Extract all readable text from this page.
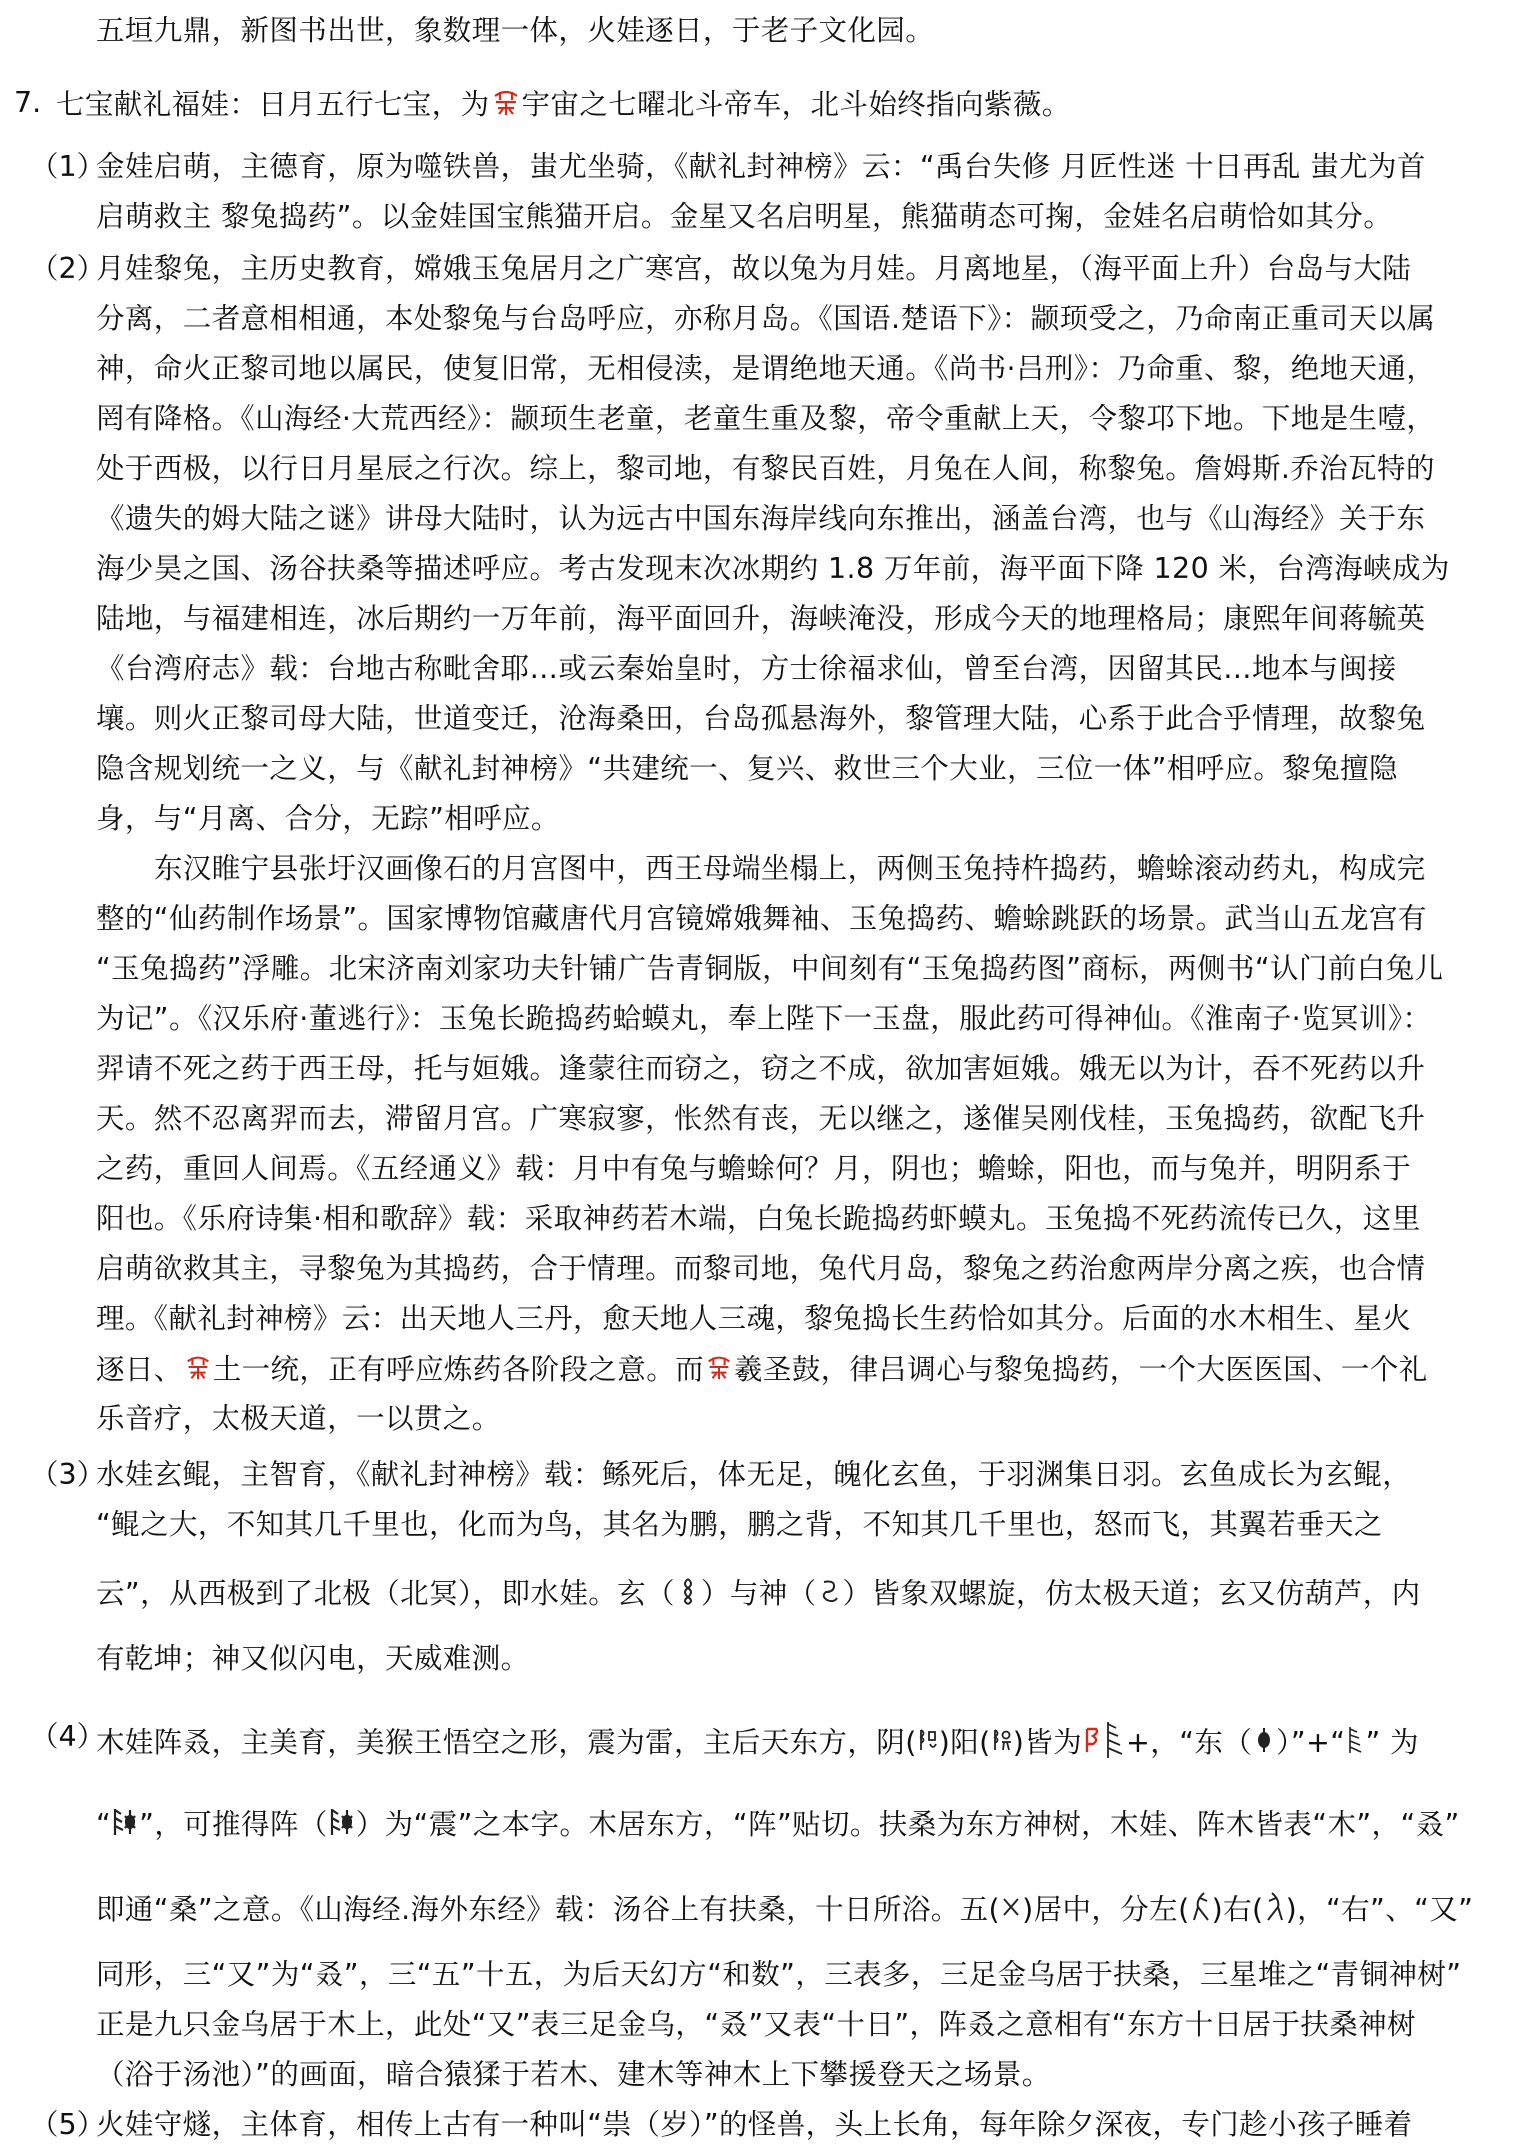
五垣九鼎，新图书出世，象数理一体，火娃逐日，于老子文化园。
7. 七宝献礼福娃：日月五行七宝，为 宇宙之七曜北斗帝车，北斗始终指向紫薇。
（1）
金娃启萌，主德育，原为噬铁兽，蚩尤坐骑，《献礼封神榜》云：“禹台失修 月匠性迷 十日再乱 蚩尤为首
启萌救主 黎兔捣药”。以金娃国宝熊猫开启。金星又名启明星，熊猫萌态可掬，金娃名启萌恰如其分。
（2）
月娃黎兔，主历史教育，嫦娥玉兔居月之广寒宫，故以兔为月娃。月离地星，（海平面上升）台岛与大陆
分离，二者意相相通，本处黎兔与台岛呼应，亦称月岛。《国语.楚语下》：颛顼受之，乃命南正重司天以属
神，命火正黎司地以属民，使复旧常，无相侵渎，是谓绝地天通。《尚书·吕刑》：乃命重、黎，绝地天通，
罔有降格。《山海经·大荒西经》：颛顼生老童，老童生重及黎，帝令重献上天，令黎邛下地。下地是生噎，
处于西极，以行日月星辰之行次。综上，黎司地，有黎民百姓，月兔在人间，称黎兔。詹姆斯.乔治瓦特的
《遗失的姆大陆之谜》讲母大陆时，认为远古中国东海岸线向东推出，涵盖台湾，也与《山海经》关于东
海少昊之国、汤谷扶桑等描述呼应。考古发现末次冰期约 1.8 万年前，海平面下降 120 米，台湾海峡成为
陆地，与福建相连，冰后期约一万年前，海平面回升，海峡淹没，形成今天的地理格局；康熙年间蒋毓英
《台湾府志》载：台地古称毗舍耶…或云秦始皇时，方士徐福求仙，曾至台湾，因留其民…地本与闽接
壤。则火正黎司母大陆，世道变迁，沧海桑田，台岛孤悬海外，黎管理大陆，心系于此合乎情理，故黎兔
隐含规划统一之义，与《献礼封神榜》“共建统一、复兴、救世三个大业，三位一体”相呼应。黎兔擅隐
身，与“月离、合分，无踪”相呼应。
东汉睢宁县张圩汉画像石的月宫图中，西王母端坐榻上，两侧玉兔持杵捣药，蟾蜍滚动药丸，构成完
整的“仙药制作场景”。国家博物馆藏唐代月宫镜嫦娥舞袖、玉兔捣药、蟾蜍跳跃的场景。武当山五龙宫有
“玉兔捣药”浮雕。北宋济南刘家功夫针铺广告青铜版，中间刻有“玉兔捣药图”商标，两侧书“认门前白兔儿
为记”。《汉乐府·董逃行》：玉兔长跪捣药蛤蟆丸，奉上陛下一玉盘，服此药可得神仙。《淮南子·览冥训》：
羿请不死之药于西王母，托与姮娥。逢蒙往而窃之，窃之不成，欲加害姮娥。娥无以为计，吞不死药以升
天。然不忍离羿而去，滞留月宫。广寒寂寥，怅然有丧，无以继之，遂催吴刚伐桂，玉兔捣药，欲配飞升
之药，重回人间焉。《五经通义》载：月中有兔与蟾蜍何？月，阴也；蟾蜍，阳也，而与兔并，明阴系于
阳也。《乐府诗集·相和歌辞》载：采取神药若木端，白兔长跪捣药虾蟆丸。玉兔捣不死药流传已久，这里
启萌欲救其主，寻黎兔为其捣药，合于情理。而黎司地，兔代月岛，黎兔之药治愈两岸分离之疾，也合情
理。《献礼封神榜》云：出天地人三丹，愈天地人三魂，黎兔捣长生药恰如其分。后面的水木相生、星火
逐日、 土一统，正有呼应炼药各阶段之意。而 羲圣鼓，律吕调心与黎兔捣药，一个大医医国、一个礼
乐音疗，太极天道，一以贯之。
（3）
水娃玄鲲，主智育，《献礼封神榜》载：鲧死后，体无足，魄化玄鱼，于羽渊集日羽。玄鱼成长为玄鲲，
“鲲之大，不知其几千里也，化而为鸟，其名为鹏，鹏之背，不知其几千里也，怒而飞，其翼若垂天之
云”，从西极到了北极（北冥），即水娃。玄（ ）与神（ ）皆象双螺旋，仿太极天道；玄又仿葫芦，内
有乾坤；神又似闪电，天威难测。
（4）
木娃阵叒，主美育，美猴王悟空之形，震为雷，主后天东方，阴( )阳( )皆为 +，“东（ ）”+“ ” 为
“ ”，可推得阵（ ）为“震”之本字。木居东方，“阵”贴切。扶桑为东方神树，木娃、阵木皆表“木”，“叒”
即通“桑”之意。《山海经.海外东经》载：汤谷上有扶桑，十日所浴。五( )居中，分左( )右( )，“右”、“又”
同形，三“又”为“叒”，三“五”十五，为后天幻方“和数”，三表多，三足金乌居于扶桑，三星堆之“青铜神树”
正是九只金乌居于木上，此处“又”表三足金乌，“叒”又表“十日”，阵叒之意相有“东方十日居于扶桑神树
（浴于汤池）”的画面，暗合猿猱于若木、建木等神木上下攀援登天之场景。
（5）
火娃守燧，主体育，相传上古有一种叫“祟（岁）”的怪兽，头上长角，每年除夕深夜，专门趁小孩子睡着
